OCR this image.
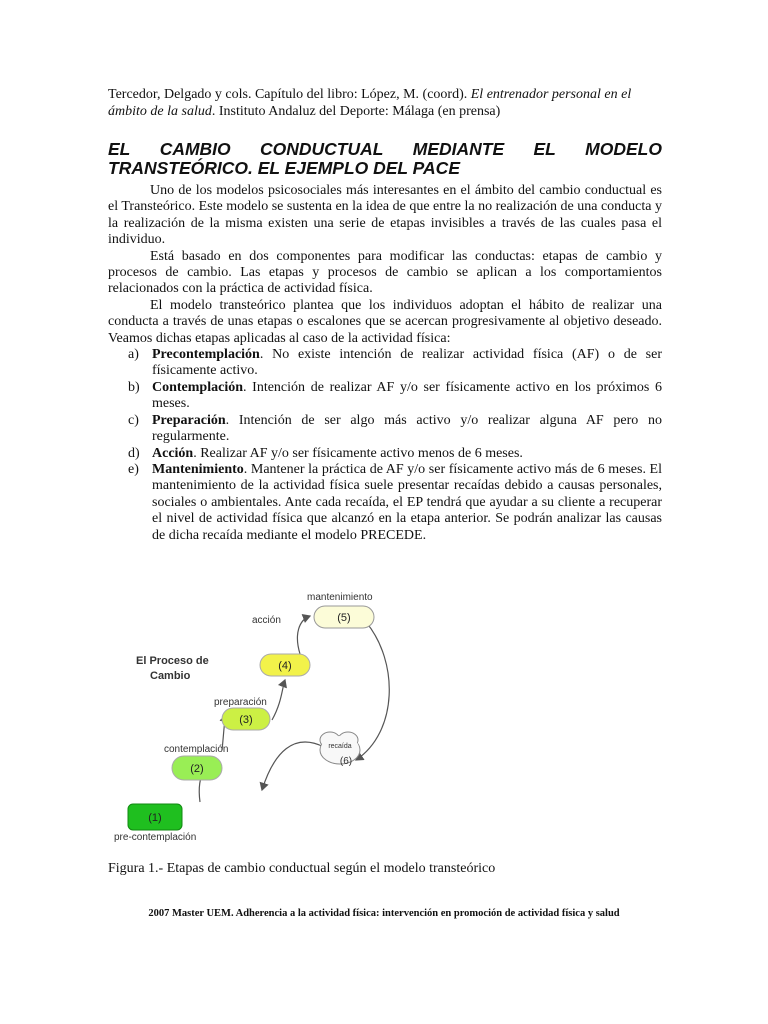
Tercedor, Delgado y cols. Capítulo del libro: López, M. (coord). El entrenador personal en el ámbito de la salud. Instituto Andaluz del Deporte: Málaga (en prensa)
EL CAMBIO CONDUCTUAL MEDIANTE EL MODELO
TRANSTEÓRICO. EL EJEMPLO DEL PACE

Uno de los modelos psicosociales más interesantes en el ámbito del cambio conductual es el Transteórico. Este modelo se sustenta en la idea de que entre la no realización de una conducta y la realización de la misma existen una serie de etapas invisibles a través de las cuales pasa el individuo.

Está basado en dos componentes para modificar las conductas: etapas de cambio y procesos de cambio. Las etapas y procesos de cambio se aplican a los comportamientos relacionados con la práctica de actividad física.

El modelo transteórico plantea que los individuos adoptan el hábito de realizar una conducta a través de unas etapas o escalones que se acercan progresivamente al objetivo deseado. Veamos dichas etapas aplicadas al caso de la actividad física:

a) Precontemplación. No existe intención de realizar actividad física (AF) o de ser físicamente activo.
b) Contemplación. Intención de realizar AF y/o ser físicamente activo en los próximos 6 meses.
c) Preparación. Intención de ser algo más activo y/o realizar alguna AF pero no regularmente.
d) Acción. Realizar AF y/o ser físicamente activo menos de 6 meses.
e) Mantenimiento. Mantener la práctica de AF y/o ser físicamente activo más de 6 meses. El mantenimiento de la actividad física suele presentar recaídas debido a causas personales, sociales o ambientales. Ante cada recaída, el EP tendrá que ayudar a su cliente a recuperar el nivel de actividad física que alcanzó en la etapa anterior. Se podrán analizar las causas de dicha recaída mediante el modelo PRECEDE.
El Proceso de
Cambio
mantenimiento
(5)
acción
(4)
preparación
(3)
contemplación
(2)
(1)
pre-contemplación
recaída
(6)
Figura 1.- Etapas de cambio conductual según el modelo transteórico
2007 Master UEM. Adherencia a la actividad física: intervención en promoción de actividad física y salud
